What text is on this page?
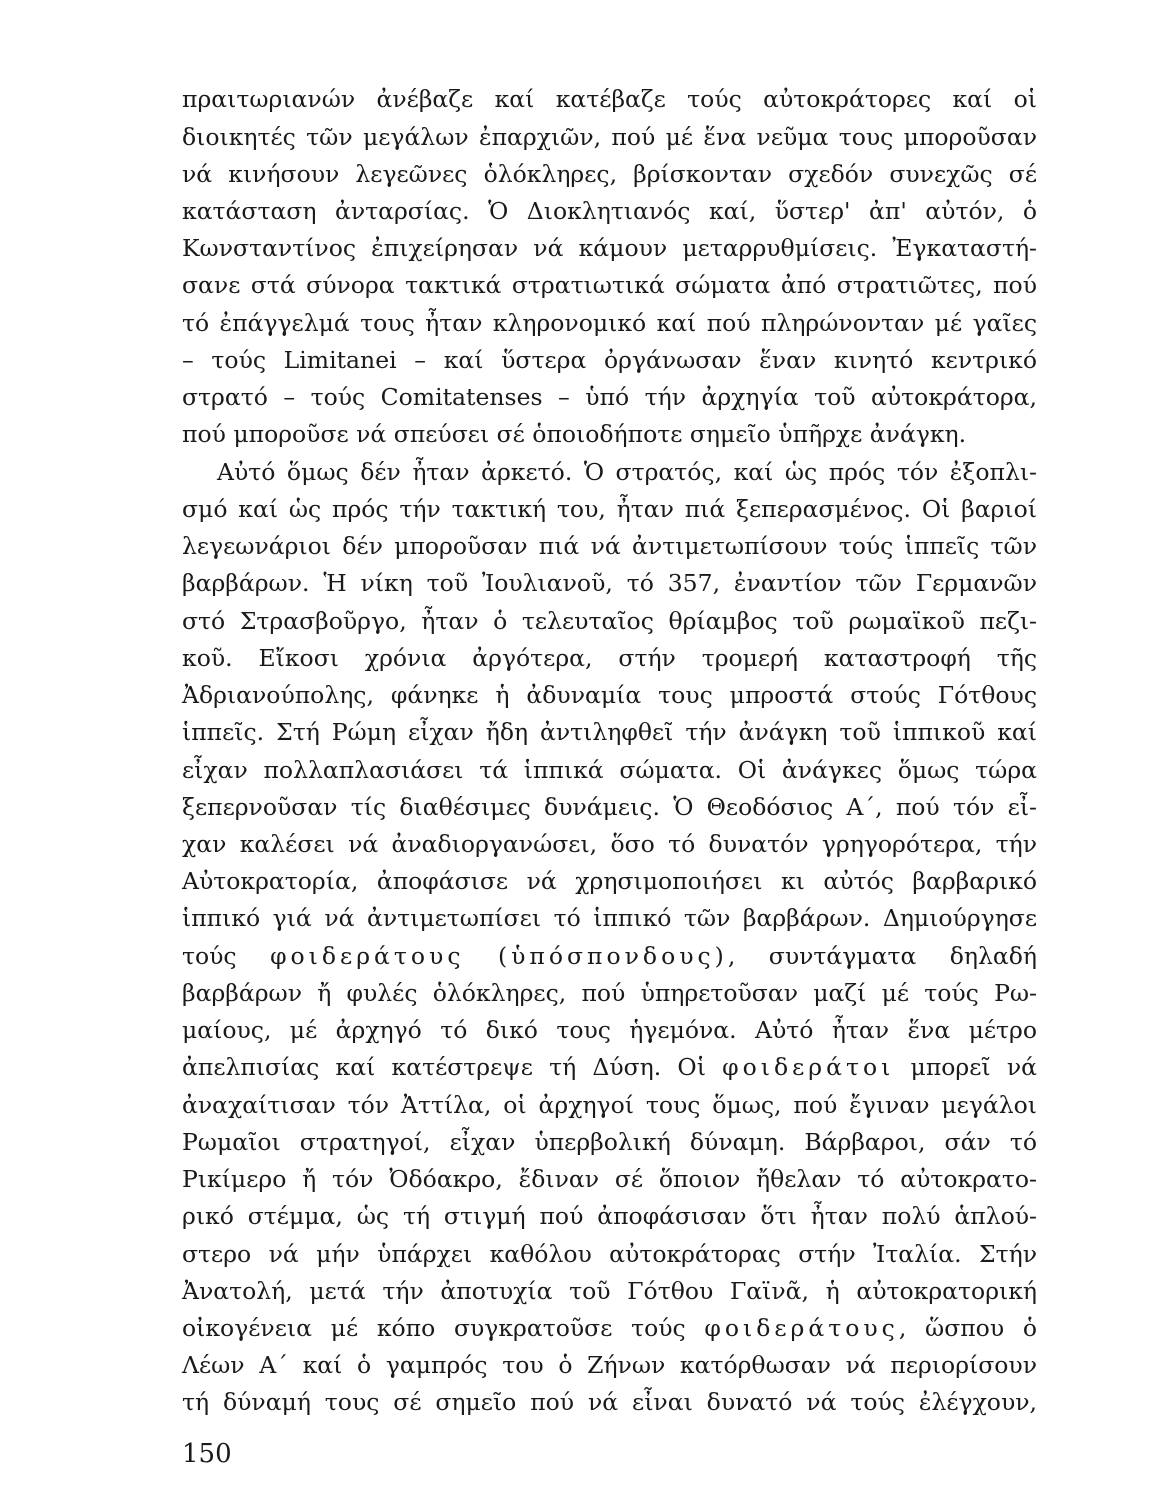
πραιτωριανών ἀνέβαζε καί κατέβαζε τούς αὐτοκράτορες καί οἱ
διοικητές τῶν μεγάλων ἐπαρχιῶν, πού μέ ἕνα νεῦμα τους μποροῦσαν
νά κινήσουν λεγεῶνες ὁλόκληρες, βρίσκονταν σχεδόν συνεχῶς σέ
κατάσταση ἀνταρσίας. Ὁ Διοκλητιανός καί, ὕστερ' ἀπ' αὐτόν, ὁ
Κωνσταντίνος ἐπιχείρησαν νά κάμουν μεταρρυθμίσεις. Ἐγκαταστή-
σανε στά σύνορα τακτικά στρατιωτικά σώματα ἀπό στρατιῶτες, πού
τό ἐπάγγελμά τους ἦταν κληρονομικό καί πού πληρώνονταν μέ γαῖες
– τούς Limitanei – καί ὕστερα ὀργάνωσαν ἕναν κινητό κεντρικό
στρατό – τούς Comitatenses – ὑπό τήν ἀρχηγία τοῦ αὐτοκράτορα,
πού μποροῦσε νά σπεύσει σέ ὁποιοδήποτε σημεῖο ὑπῆρχε ἀνάγκη.
Αὐτό ὅμως δέν ἦταν ἀρκετό. Ὁ στρατός, καί ὡς πρός τόν ἐξοπλι-
σμό καί ὡς πρός τήν τακτική του, ἦταν πιά ξεπερασμένος. Οἱ βαριοί
λεγεωνάριοι δέν μποροῦσαν πιά νά ἀντιμετωπίσουν τούς ἱππεῖς τῶν
βαρβάρων. Ἡ νίκη τοῦ Ἰουλιανοῦ, τό 357, ἐναντίον τῶν Γερμανῶν
στό Στρασβοῦργο, ἦταν ὁ τελευταῖος θρίαμβος τοῦ ρωμαϊκοῦ πεζι-
κοῦ. Εἴκοσι χρόνια ἀργότερα, στήν τρομερή καταστροφή τῆς
Ἀδριανούπολης, φάνηκε ἡ ἀδυναμία τους μπροστά στούς Γότθους
ἱππεῖς. Στή Ρώμη εἶχαν ἤδη ἀντιληφθεῖ τήν ἀνάγκη τοῦ ἱππικοῦ καί
εἶχαν πολλαπλασιάσει τά ἱππικά σώματα. Οἱ ἀνάγκες ὅμως τώρα
ξεπερνοῦσαν τίς διαθέσιμες δυνάμεις. Ὁ Θεοδόσιος Α΄, πού τόν εἶ-
χαν καλέσει νά ἀναδιοργανώσει, ὅσο τό δυνατόν γρηγορότερα, τήν
Αὐτοκρατορία, ἀποφάσισε νά χρησιμοποιήσει κι αὐτός βαρβαρικό
ἱππικό γιά νά ἀντιμετωπίσει τό ἱππικό τῶν βαρβάρων. Δημιούργησε
τούς φοιδεράτους (ὑπόσπονδους), συντάγματα δηλαδή
βαρβάρων ἤ φυλές ὁλόκληρες, πού ὑπηρετοῦσαν μαζί μέ τούς Ρω-
μαίους, μέ ἀρχηγό τό δικό τους ἡγεμόνα. Αὐτό ἦταν ἕνα μέτρο
ἀπελπισίας καί κατέστρεψε τή Δύση. Οἱ φοιδεράτοι μπορεῖ νά
ἀναχαίτισαν τόν Ἀττίλα, οἱ ἀρχηγοί τους ὅμως, πού ἔγιναν μεγάλοι
Ρωμαῖοι στρατηγοί, εἶχαν ὑπερβολική δύναμη. Βάρβαροι, σάν τό
Ρικίμερο ἤ τόν Ὀδόακρο, ἔδιναν σέ ὅποιον ἤθελαν τό αὐτοκρατο-
ρικό στέμμα, ὡς τή στιγμή πού ἀποφάσισαν ὅτι ἦταν πολύ ἁπλού-
στερο νά μήν ὑπάρχει καθόλου αὐτοκράτορας στήν Ἰταλία. Στήν
Ἀνατολή, μετά τήν ἀποτυχία τοῦ Γότθου Γαϊνᾶ, ἡ αὐτοκρατορική
οἰκογένεια μέ κόπο συγκρατοῦσε τούς φοιδεράτους, ὥσπου ὁ
Λέων Α΄ καί ὁ γαμπρός του ὁ Ζήνων κατόρθωσαν νά περιορίσουν
τή δύναμή τους σέ σημεῖο πού νά εἶναι δυνατό νά τούς ἐλέγχουν,
150
